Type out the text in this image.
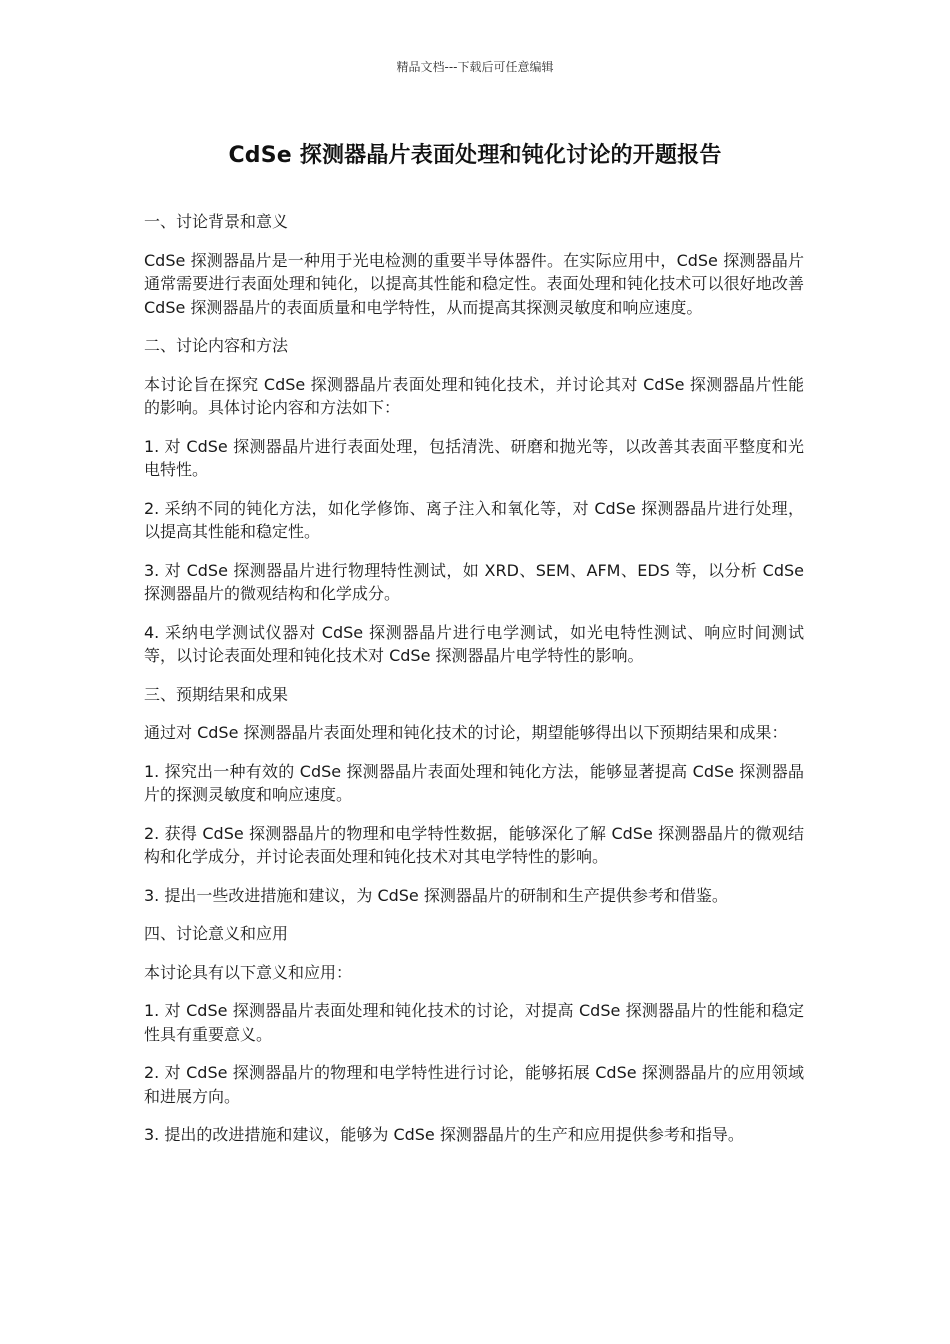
精品文档---下载后可任意编辑
CdSe 探测器晶片表面处理和钝化讨论的开题报告

一、讨论背景和意义

CdSe 探测器晶片是一种用于光电检测的重要半导体器件。在实际应用中，CdSe 探测器晶片通常需要进行表面处理和钝化，以提高其性能和稳定性。表面处理和钝化技术可以很好地改善 CdSe 探测器晶片的表面质量和电学特性，从而提高其探测灵敏度和响应速度。

二、讨论内容和方法

本讨论旨在探究 CdSe 探测器晶片表面处理和钝化技术，并讨论其对 CdSe 探测器晶片性能的影响。具体讨论内容和方法如下：

1. 对 CdSe 探测器晶片进行表面处理，包括清洗、研磨和抛光等，以改善其表面平整度和光电特性。

2. 采纳不同的钝化方法，如化学修饰、离子注入和氧化等，对 CdSe 探测器晶片进行处理，以提高其性能和稳定性。

3. 对 CdSe 探测器晶片进行物理特性测试，如 XRD、SEM、AFM、EDS 等，以分析 CdSe 探测器晶片的微观结构和化学成分。

4. 采纳电学测试仪器对 CdSe 探测器晶片进行电学测试，如光电特性测试、响应时间测试等，以讨论表面处理和钝化技术对 CdSe 探测器晶片电学特性的影响。

三、预期结果和成果

通过对 CdSe 探测器晶片表面处理和钝化技术的讨论，期望能够得出以下预期结果和成果：

1. 探究出一种有效的 CdSe 探测器晶片表面处理和钝化方法，能够显著提高 CdSe 探测器晶片的探测灵敏度和响应速度。

2. 获得 CdSe 探测器晶片的物理和电学特性数据，能够深化了解 CdSe 探测器晶片的微观结构和化学成分，并讨论表面处理和钝化技术对其电学特性的影响。

3. 提出一些改进措施和建议，为 CdSe 探测器晶片的研制和生产提供参考和借鉴。

四、讨论意义和应用

本讨论具有以下意义和应用：

1. 对 CdSe 探测器晶片表面处理和钝化技术的讨论，对提高 CdSe 探测器晶片的性能和稳定性具有重要意义。

2. 对 CdSe 探测器晶片的物理和电学特性进行讨论，能够拓展 CdSe 探测器晶片的应用领域和进展方向。

3. 提出的改进措施和建议，能够为 CdSe 探测器晶片的生产和应用提供参考和指导。
